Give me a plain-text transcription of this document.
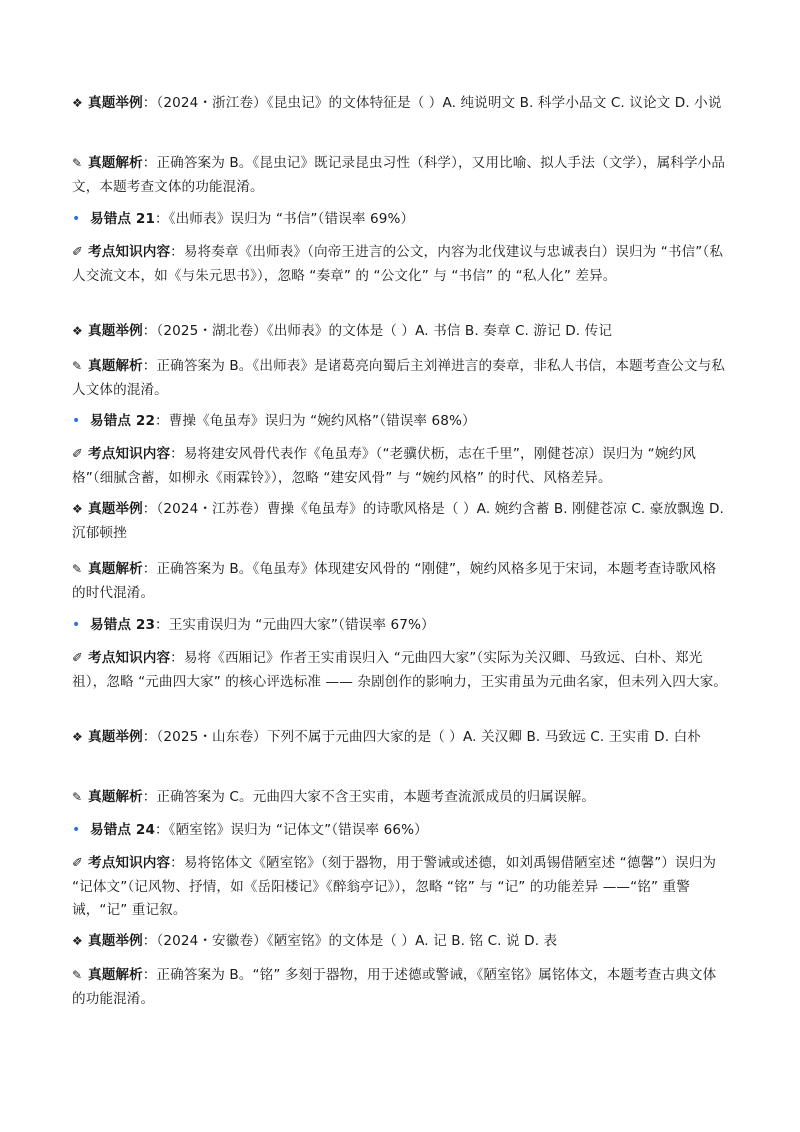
❖ 真题举例：（2024・浙江卷）《昆虫记》的文体特征是（ ）A. 纯说明文 B. 科学小品文 C. 议论文 D. 小说
✎ 真题解析：正确答案为 B。《昆虫记》既记录昆虫习性（科学），又用比喻、拟人手法（文学），属科学小品文，本题考查文体的功能混淆。
• 易错点 21：《出师表》误归为 “书信”（错误率 69%）
✐ 考点知识内容：易将奏章《出师表》（向帝王进言的公文，内容为北伐建议与忠诚表白）误归为 “书信”（私人交流文本，如《与朱元思书》），忽略 “奏章” 的 “公文化” 与 “书信” 的 “私人化” 差异。
❖ 真题举例：（2025・湖北卷）《出师表》的文体是（ ）A. 书信 B. 奏章 C. 游记 D. 传记
✎ 真题解析：正确答案为 B。《出师表》是诸葛亮向蜀后主刘禅进言的奏章，非私人书信，本题考查公文与私人文体的混淆。
• 易错点 22：曹操《龟虽寿》误归为 “婉约风格”（错误率 68%）
✐ 考点知识内容：易将建安风骨代表作《龟虽寿》（“老骥伏枥，志在千里”，刚健苍凉）误归为 “婉约风格”（细腻含蓄，如柳永《雨霖铃》），忽略 “建安风骨” 与 “婉约风格” 的时代、风格差异。
❖ 真题举例：（2024・江苏卷）曹操《龟虽寿》的诗歌风格是（ ）A. 婉约含蓄 B. 刚健苍凉 C. 豪放飘逸 D. 沉郁顿挫
✎ 真题解析：正确答案为 B。《龟虽寿》体现建安风骨的 “刚健”，婉约风格多见于宋词，本题考查诗歌风格的时代混淆。
• 易错点 23：王实甫误归为 “元曲四大家”（错误率 67%）
✐ 考点知识内容：易将《西厢记》作者王实甫误归入 “元曲四大家”（实际为关汉卿、马致远、白朴、郑光祖），忽略 “元曲四大家” 的核心评选标准 —— 杂剧创作的影响力，王实甫虽为元曲名家，但未列入四大家。
❖ 真题举例：（2025・山东卷）下列不属于元曲四大家的是（ ）A. 关汉卿 B. 马致远 C. 王实甫 D. 白朴
✎ 真题解析：正确答案为 C。元曲四大家不含王实甫，本题考查流派成员的归属误解。
• 易错点 24：《陋室铭》误归为 “记体文”（错误率 66%）
✐ 考点知识内容：易将铭体文《陋室铭》（刻于器物，用于警诫或述德，如刘禹锡借陋室述 “德馨”）误归为 “记体文”（记风物、抒情，如《岳阳楼记》《醉翁亭记》），忽略 “铭” 与 “记” 的功能差异 ——“铭” 重警诫，“记” 重记叙。
❖ 真题举例：（2024・安徽卷）《陋室铭》的文体是（ ）A. 记 B. 铭 C. 说 D. 表
✎ 真题解析：正确答案为 B。“铭” 多刻于器物，用于述德或警诫，《陋室铭》属铭体文，本题考查古典文体的功能混淆。
